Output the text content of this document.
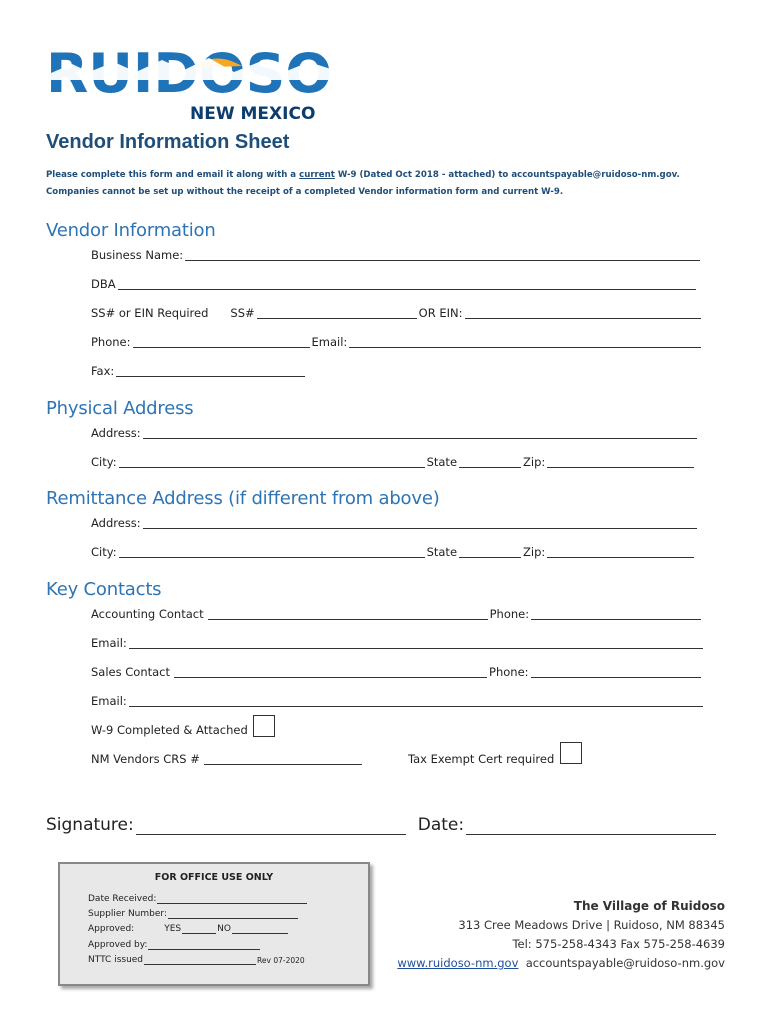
NEW MEXICO
Vendor Information Sheet
Please complete this form and email it along with a current W-9 (Dated Oct 2018 - attached) to accountspayable@ruidoso-nm.gov. Companies cannot be set up without the receipt of a completed Vendor information form and current W-9.
Vendor Information
Business Name:
DBA
SS# or EIN Required SS#	OR EIN:
Phone:	Email:
Fax:
Physical Address
Address:
City:	State	Zip:
Remittance Address (if different from above)
Address:
City:	State	Zip:
Key Contacts
Accounting Contact	Phone:
Email:
Sales Contact	Phone:
Email:
W-9 Completed & Attached
NM Vendors CRS #	Tax Exempt Cert required
Signature:	Date:
FOR OFFICE USE ONLY
Date Received:
Supplier Number:
Approved:	YES	NO
Approved by:
NTTC issued	Rev 07-2020
The Village of Ruidoso
313 Cree Meadows Drive | Ruidoso, NM 88345
Tel: 575-258-4343 Fax 575-258-4639
www.ruidoso-nm.gov accountspayable@ruidoso-nm.gov
